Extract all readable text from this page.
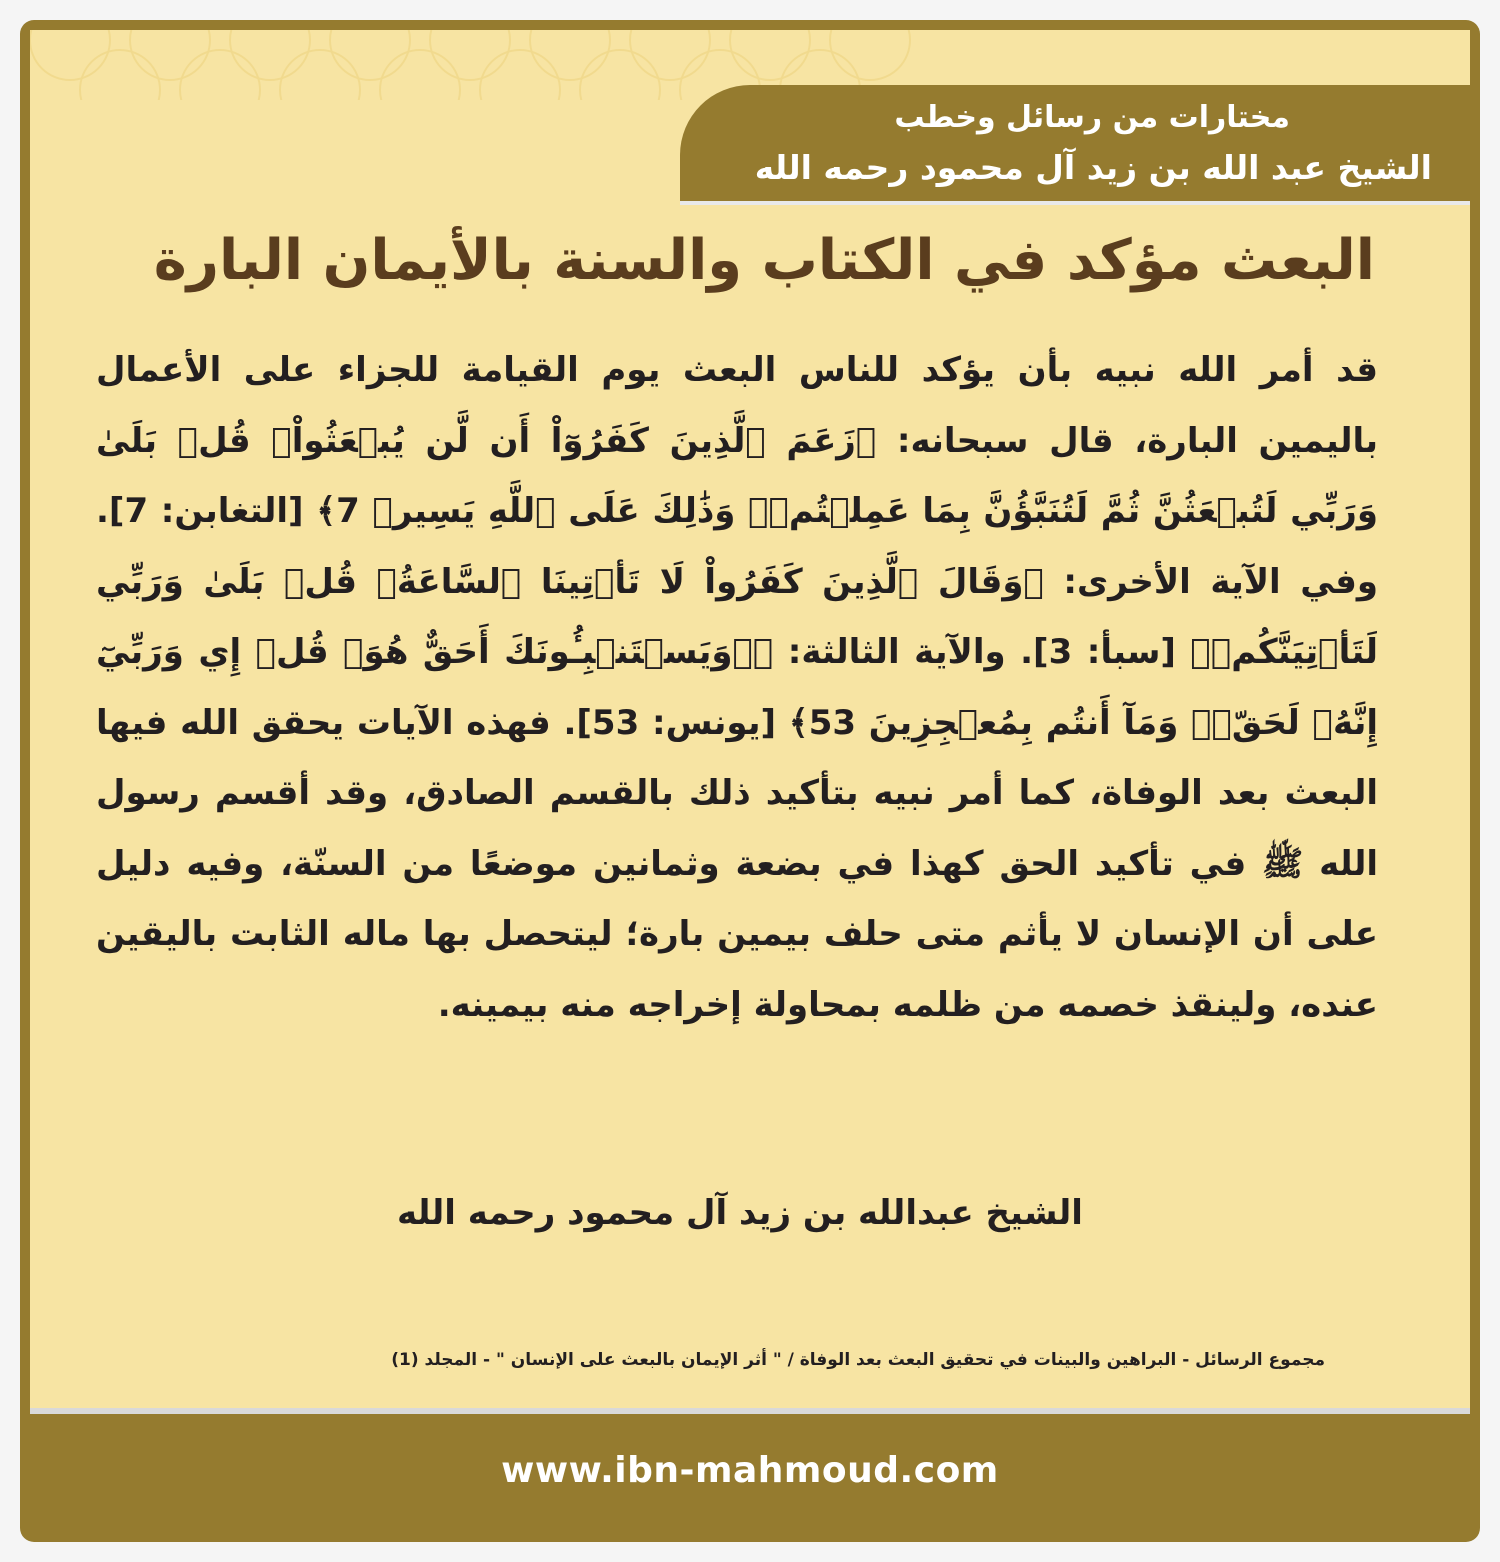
مختارات من رسائل وخطب
الشيخ عبد الله بن زيد آل محمود رحمه الله
البعث مؤكد في الكتاب والسنة بالأيمان البارة
قد أمر الله نبيه بأن يؤكد للناس البعث يوم القيامة للجزاء على الأعمال باليمين البارة، قال سبحانه: ﴿زَعَمَ ٱلَّذِينَ كَفَرُوٓاْ أَن لَّن يُبۡعَثُواْۚ قُلۡ بَلَىٰ وَرَبِّي لَتُبۡعَثُنَّ ثُمَّ لَتُنَبَّؤُنَّ بِمَا عَمِلۡتُمۡۚ وَذَٰلِكَ عَلَى ٱللَّهِ يَسِيرٞ 7﴾ [التغابن: 7]. وفي الآية الأخرى: ﴿وَقَالَ ٱلَّذِينَ كَفَرُواْ لَا تَأۡتِينَا ٱلسَّاعَةُۖ قُلۡ بَلَىٰ وَرَبِّي لَتَأۡتِيَنَّكُمۡ﴾ [سبأ: 3]. والآية الثالثة: ﴿۞وَيَسۡتَنۢبِـُٔونَكَ أَحَقٌّ هُوَۖ قُلۡ إِي وَرَبِّيٓ إِنَّهُۥ لَحَقّٞۖ وَمَآ أَنتُم بِمُعۡجِزِينَ 53﴾ [يونس: 53]. فهذه الآيات يحقق الله فيها البعث بعد الوفاة، كما أمر نبيه بتأكيد ذلك بالقسم الصادق، وقد أقسم رسول الله ﷺ في تأكيد الحق كهذا في بضعة وثمانين موضعًا من السنّة، وفيه دليل على أن الإنسان لا يأثم متى حلف بيمين بارة؛ ليتحصل بها ماله الثابت باليقين عنده، ولينقذ خصمه من ظلمه بمحاولة إخراجه منه بيمينه.
الشيخ عبدالله بن زيد آل محمود رحمه الله
مجموع الرسائل - البراهين والبينات في تحقيق البعث بعد الوفاة / " أثر الإيمان بالبعث على الإنسان " - المجلد (1)
www.ibn-mahmoud.com
